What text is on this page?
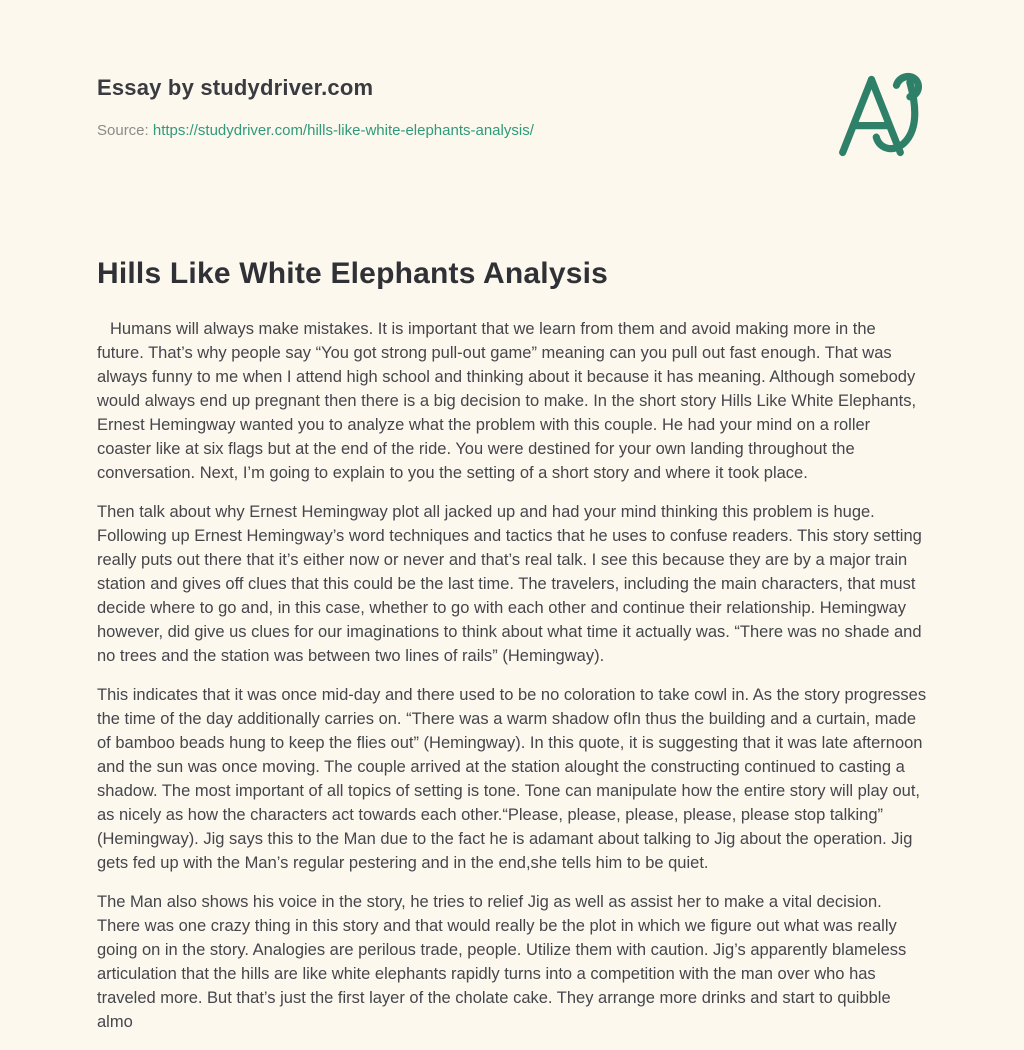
Essay by studydriver.com
Source: https://studydriver.com/hills-like-white-elephants-analysis/
Hills Like White Elephants Analysis

Humans will always make mistakes. It is important that we learn from them and avoid making more in the future. That’s why people say “You got strong pull-out game” meaning can you pull out fast enough. That was always funny to me when I attend high school and thinking about it because it has meaning. Although somebody would always end up pregnant then there is a big decision to make. In the short story Hills Like White Elephants, Ernest Hemingway wanted you to analyze what the problem with this couple. He had your mind on a roller coaster like at six flags but at the end of the ride. You were destined for your own landing throughout the conversation. Next, I’m going to explain to you the setting of a short story and where it took place.

Then talk about why Ernest Hemingway plot all jacked up and had your mind thinking this problem is huge. Following up Ernest Hemingway’s word techniques and tactics that he uses to confuse readers. This story setting really puts out there that it’s either now or never and that’s real talk. I see this because they are by a major train station and gives off clues that this could be the last time. The travelers, including the main characters, that must decide where to go and, in this case, whether to go with each other and continue their relationship. Hemingway however, did give us clues for our imaginations to think about what time it actually was. “There was no shade and no trees and the station was between two lines of rails” (Hemingway).

This indicates that it was once mid-day and there used to be no coloration to take cowl in. As the story progresses the time of the day additionally carries on. “There was a warm shadow ofIn thus the building and a curtain, made of bamboo beads hung to keep the flies out” (Hemingway). In this quote, it is suggesting that it was late afternoon and the sun was once moving. The couple arrived at the station alought the constructing continued to casting a shadow. The most important of all topics of setting is tone. Tone can manipulate how the entire story will play out, as nicely as how the characters act towards each other.“Please, please, please, please, please stop talking” (Hemingway). Jig says this to the Man due to the fact he is adamant about talking to Jig about the operation. Jig gets fed up with the Man’s regular pestering and in the end,she tells him to be quiet.

The Man also shows his voice in the story, he tries to relief Jig as well as assist her to make a vital decision. There was one crazy thing in this story and that would really be the plot in which we figure out what was really going on in the story. Analogies are perilous trade, people. Utilize them with caution. Jig’s apparently blameless articulation that the hills are like white elephants rapidly turns into a competition with the man over who has traveled more. But that’s just the first layer of the cholate cake. They arrange more drinks and start to quibble almo
